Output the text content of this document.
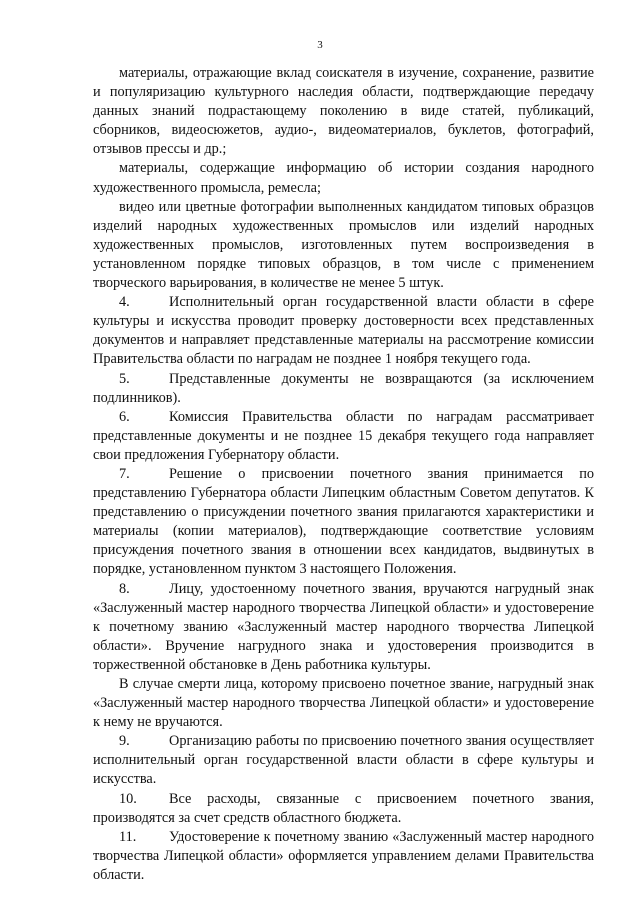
3

материалы, отражающие вклад соискателя в изучение, сохранение, развитие и популяризацию культурного наследия области, подтверждающие передачу данных знаний подрастающему поколению в виде статей, публикаций, сборников, видеосюжетов, аудио-, видеоматериалов, буклетов, фотографий, отзывов прессы и др.;

материалы, содержащие информацию об истории создания народного художественного промысла, ремесла;

видео или цветные фотографии выполненных кандидатом типовых образцов изделий народных художественных промыслов или изделий народных художественных промыслов, изготовленных путем воспроизведения в установленном порядке типовых образцов, в том числе с применением творческого варьирования, в количестве не менее 5 штук.

4.	Исполнительный орган государственной власти области в сфере культуры и искусства проводит проверку достоверности всех представленных документов и направляет представленные материалы на рассмотрение комиссии Правительства области по наградам не позднее 1 ноября текущего года.

5.	Представленные документы не возвращаются (за исключением подлинников).

6.	Комиссия Правительства области по наградам рассматривает представленные документы и не позднее 15 декабря текущего года направляет свои предложения Губернатору области.

7.	Решение о присвоении почетного звания принимается по представлению Губернатора области Липецким областным Советом депутатов. К представлению о присуждении почетного звания прилагаются характеристики и материалы (копии материалов), подтверждающие соответствие условиям присуждения почетного звания в отношении всех кандидатов, выдвинутых в порядке, установленном пунктом 3 настоящего Положения.

8.	Лицу, удостоенному почетного звания, вручаются нагрудный знак «Заслуженный мастер народного творчества Липецкой области» и удостоверение к почетному званию «Заслуженный мастер народного творчества Липецкой области». Вручение нагрудного знака и удостоверения производится в торжественной обстановке в День работника культуры.

В случае смерти лица, которому присвоено почетное звание, нагрудный знак «Заслуженный мастер народного творчества Липецкой области» и удостоверение к нему не вручаются.

9.	Организацию работы по присвоению почетного звания осуществляет исполнительный орган государственной власти области в сфере культуры и искусства.

10. Все расходы, связанные с присвоением почетного звания, производятся за счет средств областного бюджета.

11. Удостоверение к почетному званию «Заслуженный мастер народного творчества Липецкой области» оформляется управлением делами Правительства области.
